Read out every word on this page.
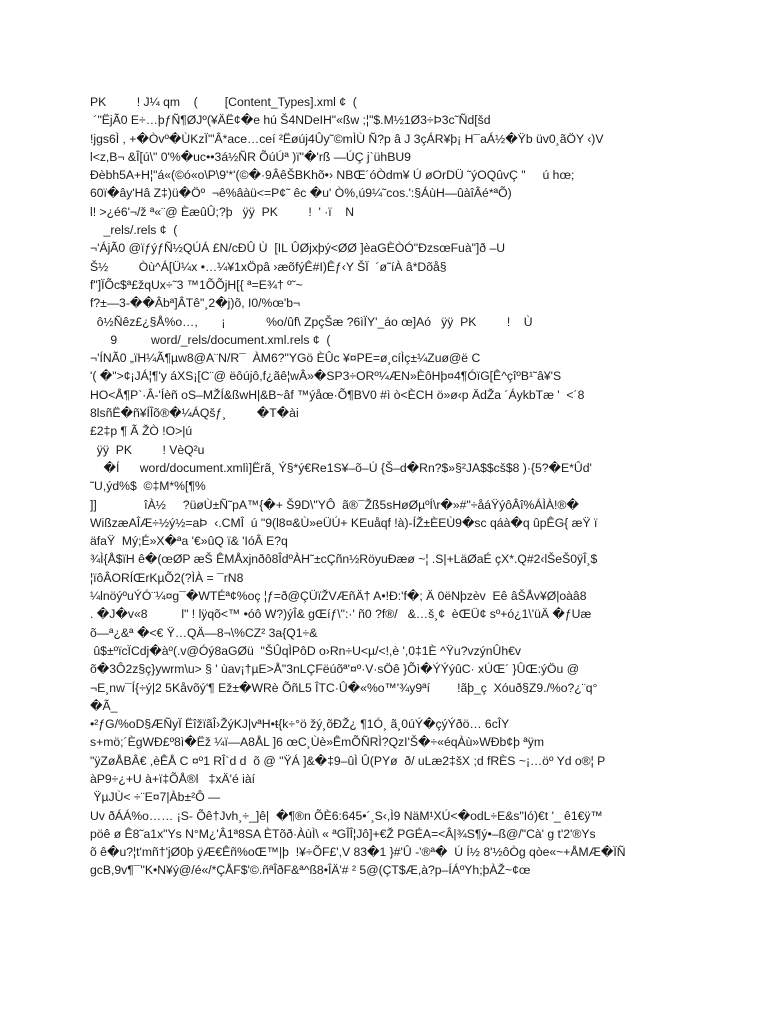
PK         ! J¼ qm    (        [Content_Types].xml ¢  (
´"ËjÃ0 E÷…þƒÑ¶ØJº(¥ÄË¢�e hú Š4NDeIH"«ßw ;¦"$.M½1Ø3÷Þ3c˜Ñd[šd
!jgs6Ì , +�Òvº�ÙKzÏ'"Â*ace…ceí ²Ëøúj4Ûy˜©mÌÙ Ñ?p â J 3çÁR¥þ¡ H¯aÁ½�Ÿb üv0¸ãÖY ‹)V
l<z,B¬ &Î[ú\" 0'%�uc••3á½ÑR ÕúÚª )ï"�'rß —ÚÇ j`ühBU9
Ðèbh5A+H¦"á«(©ó«o\P\9'*'(©�·9ÂêŠBKhõ•› NBŒ´óÒdm¥ Ú øOrDÜ ˜ýOQûvÇ "     ú hœ;
60ï�ây'Hâ Z‡)ü�Öº  ¬ê%âàü<=P¢˜ êc �u' Ò%,ú9¼˜cos.':§ÁùH—ûàîÂé*ªÕ)
l! >¿é6'¬/ž ª«¨@ ÈæûÛ;?þ   ÿÿ  PK         !  ' ·ï    N
_rels/.rels ¢  (
¬'ÁjÃ0 @ïƒýƒÑ½QÚÁ £N/cÐÛ Ù  [IL ÛØjxþý<ØØ ]èaGÈÒÓ"ÐzsœFuà"]ð –U
Š½         Òù^Á[Ü¼x •…¼¥1xÖpâ ›æõfýÊ#I)Êƒ‹Y ŠÏ  ´ø˜íÀ â*Dõå§
f"]ÏÕc$ª£žqUx÷˜3 ™1ÕÕjH[{ ª=E¾† º˜~
f?±—3-��Âbª]ÂTê"¸2�j)õ, I0/%œ'b¬
ô½Ñêz£¿§Å%o…,       ¡            %o/ûf\ ZpçŠæ ?6ìÏY'_áo œ]Aó   ÿÿ  PK         !    Ù
9          word/_rels/document.xml.rels ¢  (
¬'ÍNÃ0 „ïH¼Ã¶µw8@A¨N/R¯  ÀM6?"YGö ÈÛc ¥¤PE=ø¸cíÌç±¼Zuø@ë C
'( �">¢¡JÁ¦¶'y áXS¡[C¨@ ëôújô,f¿ãê¦wÂ»�SP3÷ORº¼ÆN»ÈôHþ¤4¶ÓïG[Ê^çîºB¹˜â¥'S
HO<Å¶P`·Â-'Íèñ oS–MŽÍ&ßwH|&B~âf ™ýåœ·Õ¶BV0 #ì ò<ÈCH ö»ø‹p ÄdŽa ´ÁykbTæ '  <´8
8lsñË�ñ¥ÍÎõ®�¼ÁQšƒ¸         �T�ài
£2‡p ¶ Ã ŽÒ !O>|ú
ÿÿ  PK         ! VèQ²u
�Í      word/document.xmlì]Ërã¸ Ý§*ý€Re1S¥–õ–Ú {Š–d�Rn?$»§²JA$$cš$8 )·{5?�E*Ûd'
˜U,ýd%$  ©‡M*%[¶%
]]              îÀ½     ?üøÙ±Ñ˜pA™{�+ Š9D\"YÔ  ã®¯Žß5sHøØµºÍ\r�»#"÷åáŸýôÂî%ÁÌÀ!®�
WißzæAÎÆ÷½ý½=aÞ  ‹.CMÎ  ú "9(l8¤&Ù»eÜÚ+ KEuåqf !à)-ÍŽ±ÈEÙ9�sc qáà�q ûpÊG{ æŸ ï
äfaŸ  Mý;É»X�ªa '€»ûQ ï& 'IóÂ E?q
¾Ì{Å$ïH ê�(œØP æŠ ÊMÅxjnðô8ÎdºÀH˜±cÇñn½RöyuÐæø ~¦ .S|+LäØaÉ çX*.Q#2‹lŠeŠ0ÿÎ¸$
¦ïôÂORÍŒrKµÕ2(?ÌÀ = ¯rN8
¼lnöýºuÝÓ¨¼¤g¯�WTÉª¢%oç ¦ƒ=ð@ÇÜïŽVÆñÄ† A•!Ð:'f�; Ä 0ëNþzèv  Eê âŠÅv¥Ø|oàâ8
. �J�v«8          l" ! lÿqõ<™ •óô W?)ýÎ& gŒíƒ\":·' ñ0 ?f®/   &…š¸¢  èŒÜ¢ sº+ó¿1\'üÄ �ƒUæ
õ—ª¿&ª �<€ Ÿ…QÄ—8¬\%CZ² 3a{Q1÷&
û$±ºïcÏCdj�àº(.v@Óý8aGØü  "ŠÛqÌPôD o›Rn÷U<µ/<!,è ',0‡1È ^Ÿu?vzýnÛh€v
õ�3Ô2z§ç}ywrm\u> § ' ùav¡†µE>Å"3nLÇFëúõª'¤º·V·sÖê }Õì�ÝÝýûC· xÚŒ´ }ÛŒ:ýÖu @
¬E¸nw¯Í{÷ý|2 5Kåvõý'¶ Ež±�WRè ÕñL5 ÎTC·Û�«%o™'¾y9ªí        !ãþ_ç  Xóuð§Z9./%o?¿¨q°
�Ã_
•²ƒG/%oD§ÆÑyÏ ËîžïãÎ›ŽýKJ|vªH•ŧ{k÷°ö žý¸õÐŽ¿ ¶1Ó¸ ã¸0úÝ�çýÝðö… 6cÎY
s+mö;´ÈgWÐ£º8ì�Ëž ¼ï—A8ÅL ]6 œC¸Ùè»ÊmÕÑRÌ?QzI'Š�÷«éqÀù»WÐb¢þ ªÿm
"ÿZøÅBÂ€ ,èÊÅ C ¤º1 RÎ`d d  õ @ "ŸÁ ]&�‡9–ûÌ Û(PYø  ð/ uLæ2‡šX ;d fRÈS ~¡…öº Yd o®¦ P
àP9÷¿+U à+ï‡ÕÅ®l   ‡xÄ'é iàí
ŸµJÙ< ÷¨E¤7|Àb±²Ô —
Uv ðÁÁ%o…… ¡S- Õê†Jvh¸÷_]ê|  �¶®n ÕÈ6:645•´¸S‹,Ì9 NäM¹XÚ<�odL÷E&s"Ió)€t '_ ê1€ÿ™
pöê ø Ê8˜a1x"Ys N°M¿'Â1ª8SA ÈTõð·ÀùÌ\ « ªGÎÎ¦Jô]+€Ž PGÉA=<Â|¾S¶ý•–ß@/"Cà' g t'2'®Ys
õ ê�u?¦t'mñ†'jØ0þ ÿÆ€Êñ%oŒ™|þ  !¥÷ÕF£',V 83�1 }#'Û -'®ª�  Ú Í½ 8'½ôÒg qòe«~+ÅMÆ�ÏÑ
gcB,9v¶¯"K•N¥ý@/é«/*ÇÅF$'©.ñªÎðF&ª^ß8•ÎÄ'# ² 5@(ÇT$Æ,à?p–ÍÁºYh;þÀŽ~¢œ
